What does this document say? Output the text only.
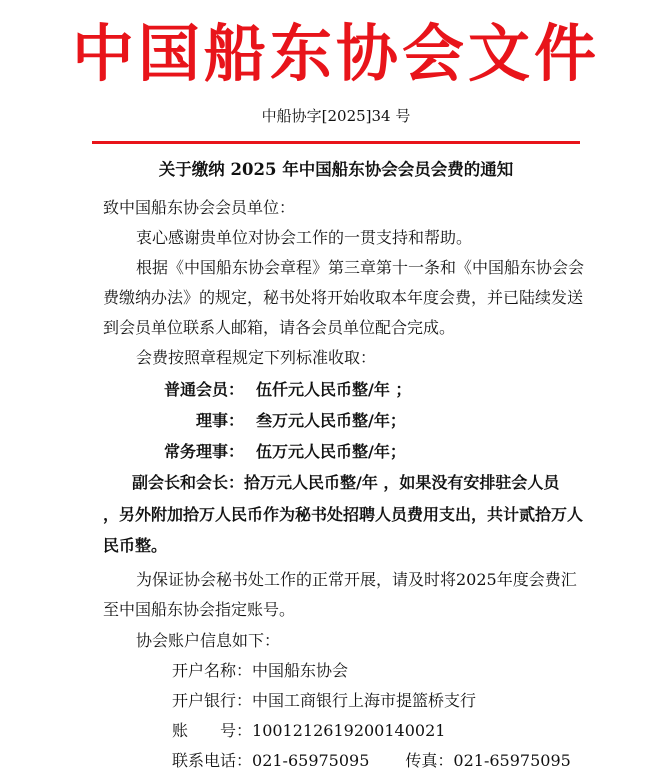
中国船东协会文件
中船协字[2025]34 号
关于缴纳 2025 年中国船东协会会员会费的通知
致中国船东协会会员单位：
衷心感谢贵单位对协会工作的一贯支持和帮助。
根据《中国船东协会章程》第三章第十一条和《中国船东协会会
费缴纳办法》的规定，秘书处将开始收取本年度会费，并已陆续发送
到会员单位联系人邮箱，请各会员单位配合完成。
会费按照章程规定下列标准收取：
普通会员： 伍仟元人民币整/年 ；
理事： 叁万元人民币整/年；
常务理事： 伍万元人民币整/年；
副会长和会长：拾万元人民币整/年 ，如果没有安排驻会人员
，另外附加拾万人民币作为秘书处招聘人员费用支出，共计贰拾万人
民币整。
为保证协会秘书处工作的正常开展，请及时将2025年度会费汇
至中国船东协会指定账号。
协会账户信息如下：
开户名称：中国船东协会
开户银行：中国工商银行上海市提篮桥支行
账　　号：1001212619200140021
联系电话：021-65975095 传真：021-65975095
